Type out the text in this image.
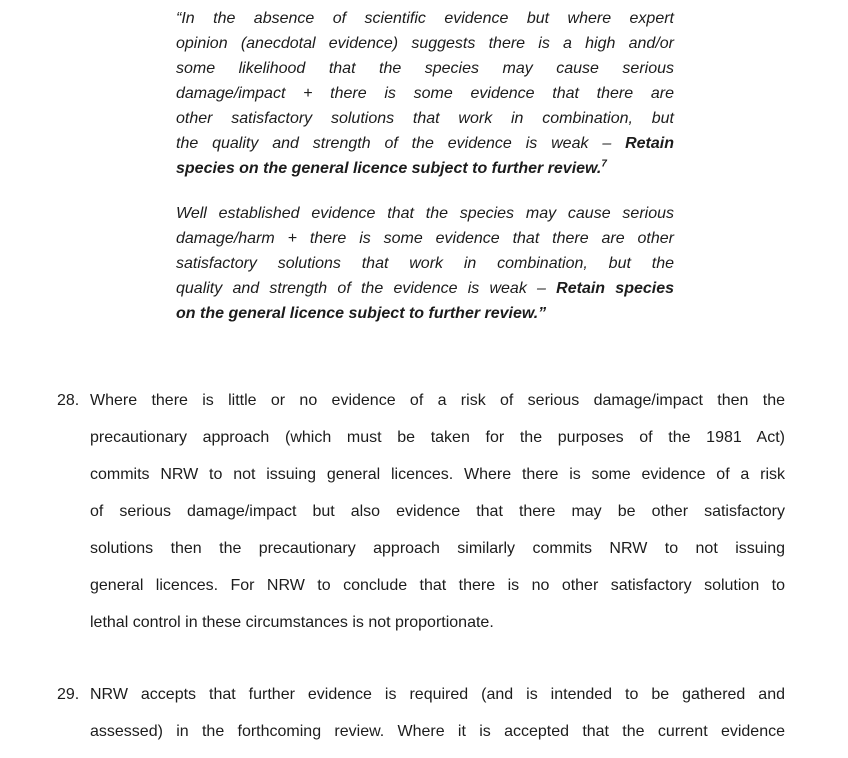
“In the absence of scientific evidence but where expert
opinion (anecdotal evidence) suggests there is a high and/or
some likelihood that the species may cause serious
damage/impact + there is some evidence that there are
other satisfactory solutions that work in combination, but
the quality and strength of the evidence is weak – Retain
species on the general licence subject to further review.$^7$
Well established evidence that the species may cause serious
damage/harm + there is some evidence that there are other
satisfactory solutions that work in combination, but the
quality and strength of the evidence is weak – Retain species
on the general licence subject to further review.”
28. Where there is little or no evidence of a risk of serious damage/impact then the
precautionary approach (which must be taken for the purposes of the 1981 Act)
commits NRW to not issuing general licences. Where there is some evidence of a risk
of serious damage/impact but also evidence that there may be other satisfactory
solutions then the precautionary approach similarly commits NRW to not issuing
general licences. For NRW to conclude that there is no other satisfactory solution to
lethal control in these circumstances is not proportionate.
29. NRW accepts that further evidence is required (and is intended to be gathered and
assessed) in the forthcoming review. Where it is accepted that the current evidence
